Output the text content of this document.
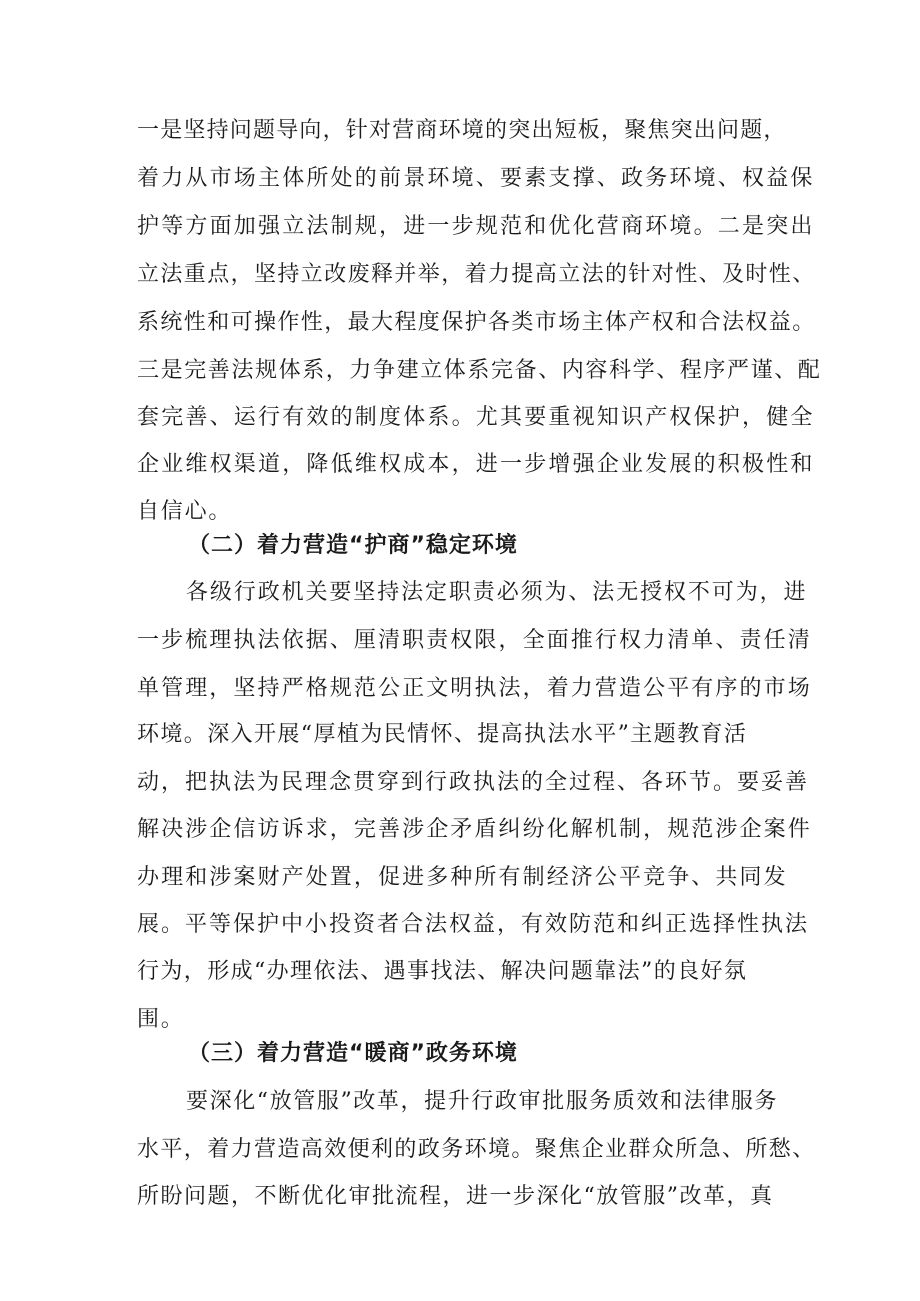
一是坚持问题导向，针对营商环境的突出短板，聚焦突出问题，
着力从市场主体所处的前景环境、要素支撑、政务环境、权益保
护等方面加强立法制规，进一步规范和优化营商环境。二是突出
立法重点，坚持立改废释并举，着力提高立法的针对性、及时性、
系统性和可操作性，最大程度保护各类市场主体产权和合法权益。
三是完善法规体系，力争建立体系完备、内容科学、程序严谨、配
套完善、运行有效的制度体系。尤其要重视知识产权保护，健全
企业维权渠道，降低维权成本，进一步增强企业发展的积极性和
自信心。
（二）着力营造“护商”稳定环境
各级行政机关要坚持法定职责必须为、法无授权不可为，进
一步梳理执法依据、厘清职责权限，全面推行权力清单、责任清
单管理，坚持严格规范公正文明执法，着力营造公平有序的市场
环境。深入开展“厚植为民情怀、提高执法水平”主题教育活
动，把执法为民理念贯穿到行政执法的全过程、各环节。要妥善
解决涉企信访诉求，完善涉企矛盾纠纷化解机制，规范涉企案件
办理和涉案财产处置，促进多种所有制经济公平竞争、共同发
展。平等保护中小投资者合法权益，有效防范和纠正选择性执法
行为，形成“办理依法、遇事找法、解决问题靠法”的良好氛
围。
（三）着力营造“暖商”政务环境
要深化“放管服”改革，提升行政审批服务质效和法律服务
水平，着力营造高效便利的政务环境。聚焦企业群众所急、所愁、
所盼问题，不断优化审批流程，进一步深化“放管服”改革，真
